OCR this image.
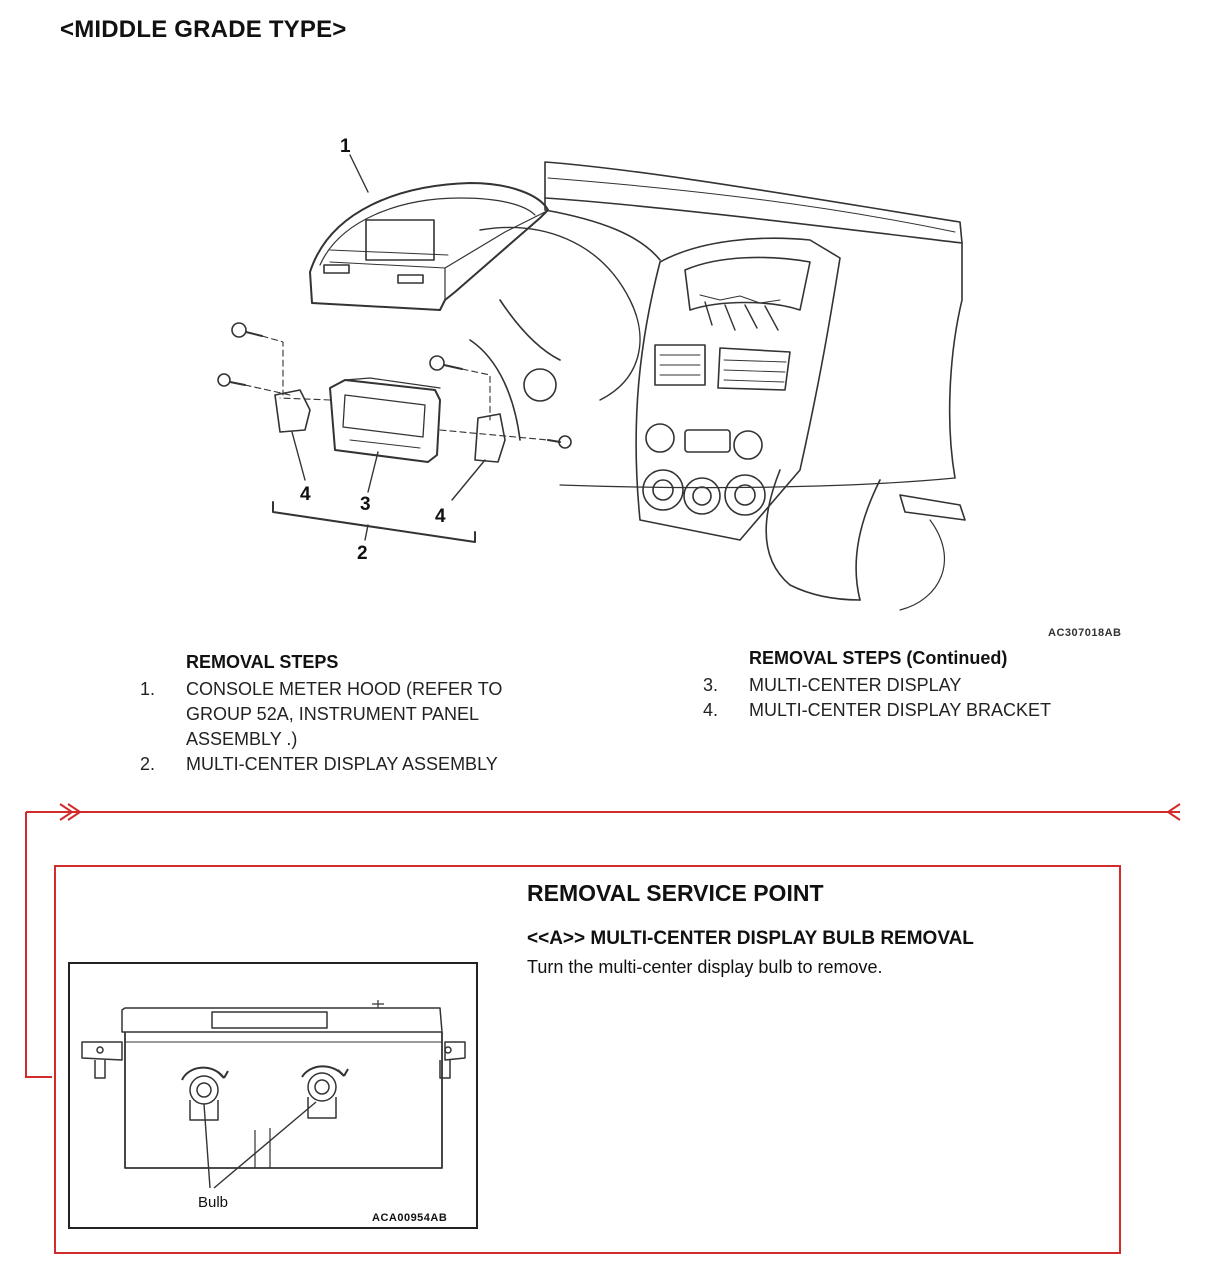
<MIDDLE GRADE TYPE>
1
4	3
4
2
AC307018AB
REMOVAL STEPS
1. CONSOLE METER HOOD (REFER TO
GROUP 52A, INSTRUMENT PANEL
ASSEMBLY .)
2. MULTI-CENTER DISPLAY ASSEMBLY
REMOVAL STEPS (Continued)
3. MULTI-CENTER DISPLAY
4. MULTI-CENTER DISPLAY BRACKET
REMOVAL SERVICE POINT
<<A>> MULTI-CENTER DISPLAY BULB REMOVAL
Turn the multi-center display bulb to remove.
Bulb
ACA00954AB
